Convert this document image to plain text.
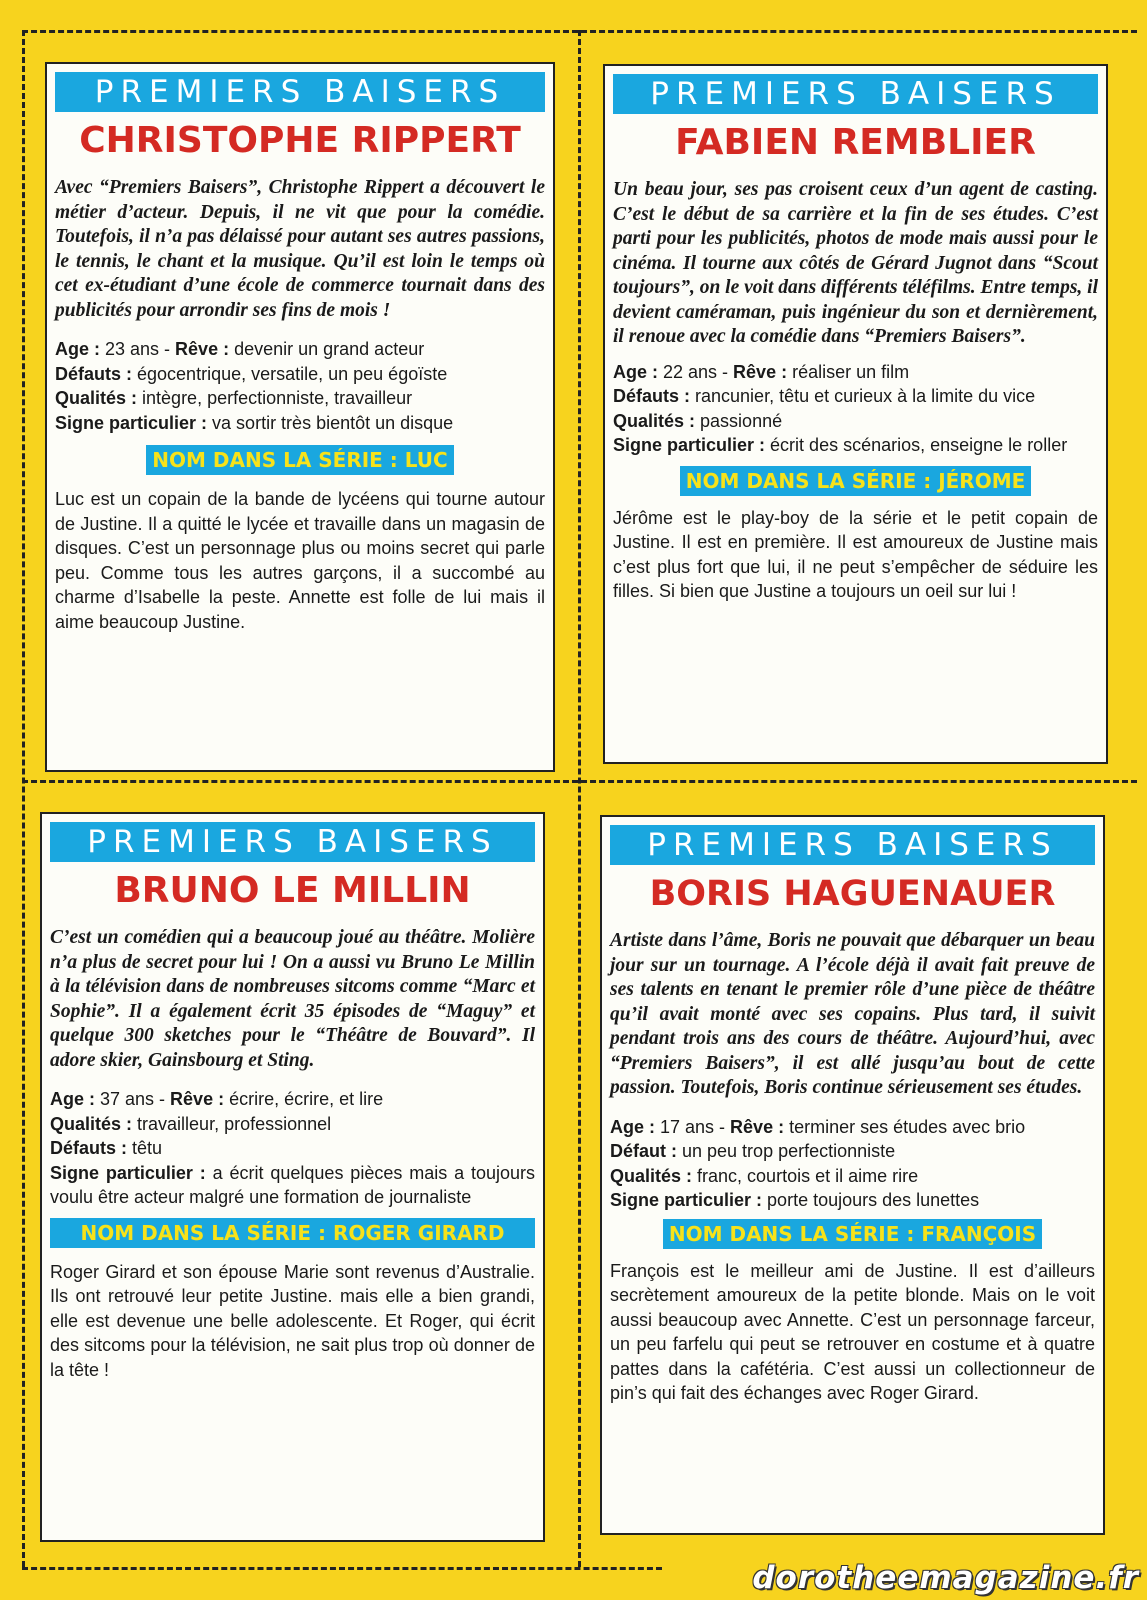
PREMIERS BAISERS
CHRISTOPHE RIPPERT

Avec “Premiers Baisers”, Christophe Rippert a découvert le métier d’acteur. Depuis, il ne vit que pour la comédie. Toutefois, il n’a pas délaissé pour autant ses autres passions, le tennis, le chant et la musique. Qu’il est loin le temps où cet ex-étudiant d’une école de commerce tournait dans des publicités pour arrondir ses fins de mois !

Age : 23 ans - Rêve : devenir un grand acteur

Défauts : égocentrique, versatile, un peu égoïste

Qualités : intègre, perfectionniste, travailleur

Signe particulier : va sortir très bientôt un disque

NOM DANS LA SÉRIE : LUC

Luc est un copain de la bande de lycéens qui tourne autour de Justine. Il a quitté le lycée et travaille dans un magasin de disques. C’est un personnage plus ou moins secret qui parle peu. Comme tous les autres garçons, il a succombé au charme d’Isabelle la peste. Annette est folle de lui mais il aime beaucoup Justine.

PREMIERS BAISERS
FABIEN REMBLIER

Un beau jour, ses pas croisent ceux d’un agent de casting. C’est le début de sa carrière et la fin de ses études. C’est parti pour les publicités, photos de mode mais aussi pour le cinéma. Il tourne aux côtés de Gérard Jugnot dans “Scout toujours”, on le voit dans différents téléfilms. Entre temps, il devient caméraman, puis ingénieur du son et dernièrement, il renoue avec la comédie dans “Premiers Baisers”.

Age : 22 ans - Rêve : réaliser un film

Défauts : rancunier, têtu et curieux à la limite du vice

Qualités : passionné

Signe particulier : écrit des scénarios, enseigne le roller

NOM DANS LA SÉRIE : JÉROME

Jérôme est le play-boy de la série et le petit copain de Justine. Il est en première. Il est amoureux de Justine mais c’est plus fort que lui, il ne peut s’empêcher de séduire les filles. Si bien que Justine a toujours un oeil sur lui !

PREMIERS BAISERS
BRUNO LE MILLIN

C’est un comédien qui a beaucoup joué au théâtre. Molière n’a plus de secret pour lui ! On a aussi vu Bruno Le Millin à la télévision dans de nombreuses sitcoms comme “Marc et Sophie”. Il a également écrit 35 épisodes de “Maguy” et quelque 300 sketches pour le “Théâtre de Bouvard”. Il adore skier, Gainsbourg et Sting.

Age : 37 ans - Rêve : écrire, écrire, et lire

Qualités : travailleur, professionnel

Défauts : têtu

Signe particulier : a écrit quelques pièces mais a toujours voulu être acteur malgré une formation de journaliste

NOM DANS LA SÉRIE : ROGER GIRARD

Roger Girard et son épouse Marie sont revenus d’Australie. Ils ont retrouvé leur petite Justine. mais elle a bien grandi, elle est devenue une belle adolescente. Et Roger, qui écrit des sitcoms pour la télévision, ne sait plus trop où donner de la tête !

PREMIERS BAISERS
BORIS HAGUENAUER

Artiste dans l’âme, Boris ne pouvait que débarquer un beau jour sur un tournage. A l’école déjà il avait fait preuve de ses talents en tenant le premier rôle d’une pièce de théâtre qu’il avait monté avec ses copains. Plus tard, il suivit pendant trois ans des cours de théâtre. Aujourd’hui, avec “Premiers Baisers”, il est allé jusqu’au bout de cette passion. Toutefois, Boris continue sérieusement ses études.

Age : 17 ans - Rêve : terminer ses études avec brio

Défaut : un peu trop perfectionniste

Qualités : franc, courtois et il aime rire

Signe particulier : porte toujours des lunettes

NOM DANS LA SÉRIE : FRANÇOIS

François est le meilleur ami de Justine. Il est d’ailleurs secrètement amoureux de la petite blonde. Mais on le voit aussi beaucoup avec Annette. C’est un personnage farceur, un peu farfelu qui peut se retrouver en costume et à quatre pattes dans la cafétéria. C’est aussi un collectionneur de pin’s qui fait des échanges avec Roger Girard.

dorotheemagazine.fr
